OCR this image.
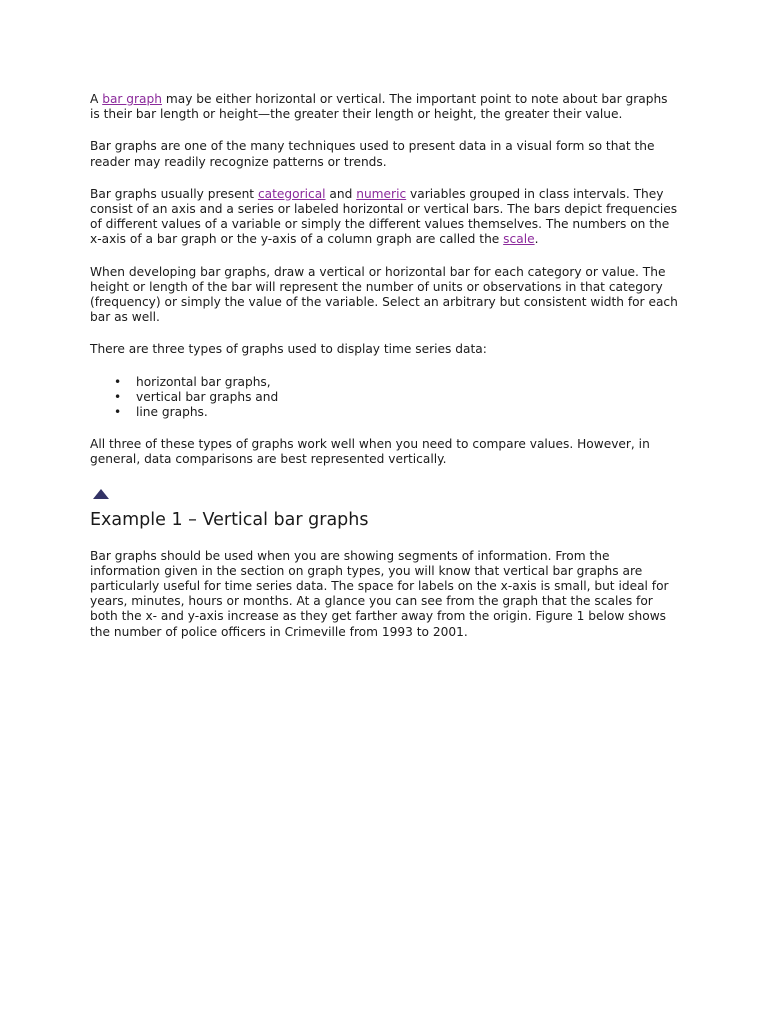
A bar graph may be either horizontal or vertical. The important point to note about bar graphs is their bar length or height—the greater their length or height, the greater their value.

Bar graphs are one of the many techniques used to present data in a visual form so that the reader may readily recognize patterns or trends.

Bar graphs usually present categorical and numeric variables grouped in class intervals. They consist of an axis and a series or labeled horizontal or vertical bars. The bars depict frequencies of different values of a variable or simply the different values themselves. The numbers on the x-axis of a bar graph or the y-axis of a column graph are called the scale.

When developing bar graphs, draw a vertical or horizontal bar for each category or value. The height or length of the bar will represent the number of units or observations in that category (frequency) or simply the value of the variable. Select an arbitrary but consistent width for each bar as well.

There are three types of graphs used to display time series data:

• horizontal bar graphs,
• vertical bar graphs and
• line graphs.

All three of these types of graphs work well when you need to compare values. However, in general, data comparisons are best represented vertically.

Example 1 – Vertical bar graphs

Bar graphs should be used when you are showing segments of information. From the information given in the section on graph types, you will know that vertical bar graphs are particularly useful for time series data. The space for labels on the x-axis is small, but ideal for years, minutes, hours or months. At a glance you can see from the graph that the scales for both the x- and y-axis increase as they get farther away from the origin. Figure 1 below shows the number of police officers in Crimeville from 1993 to 2001.
